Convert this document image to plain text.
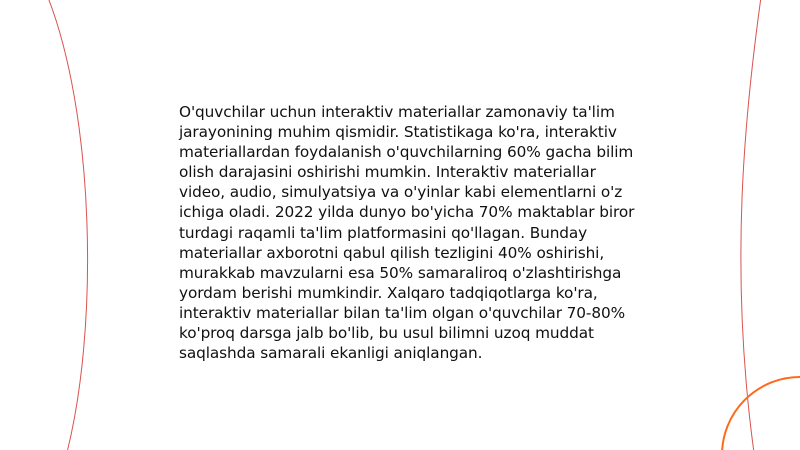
O'quvchilar uchun interaktiv materiallar zamonaviy ta'lim jarayonining muhim qismidir. Statistikaga ko'ra, interaktiv materiallardan foydalanish o'quvchilarning 60% gacha bilim olish darajasini oshirishi mumkin. Interaktiv materiallar video, audio, simulyatsiya va o'yinlar kabi elementlarni o'z ichiga oladi. 2022 yilda dunyo bo'yicha 70% maktablar biror turdagi raqamli ta'lim platformasini qo'llagan. Bunday materiallar axborotni qabul qilish tezligini 40% oshirishi, murakkab mavzularni esa 50% samaraliroq o'zlashtirishga yordam berishi mumkindir. Xalqaro tadqiqotlarga ko'ra, interaktiv materiallar bilan ta'lim olgan o'quvchilar 70-80% ko'proq darsga jalb bo'lib, bu usul bilimni uzoq muddat saqlashda samarali ekanligi aniqlangan.
